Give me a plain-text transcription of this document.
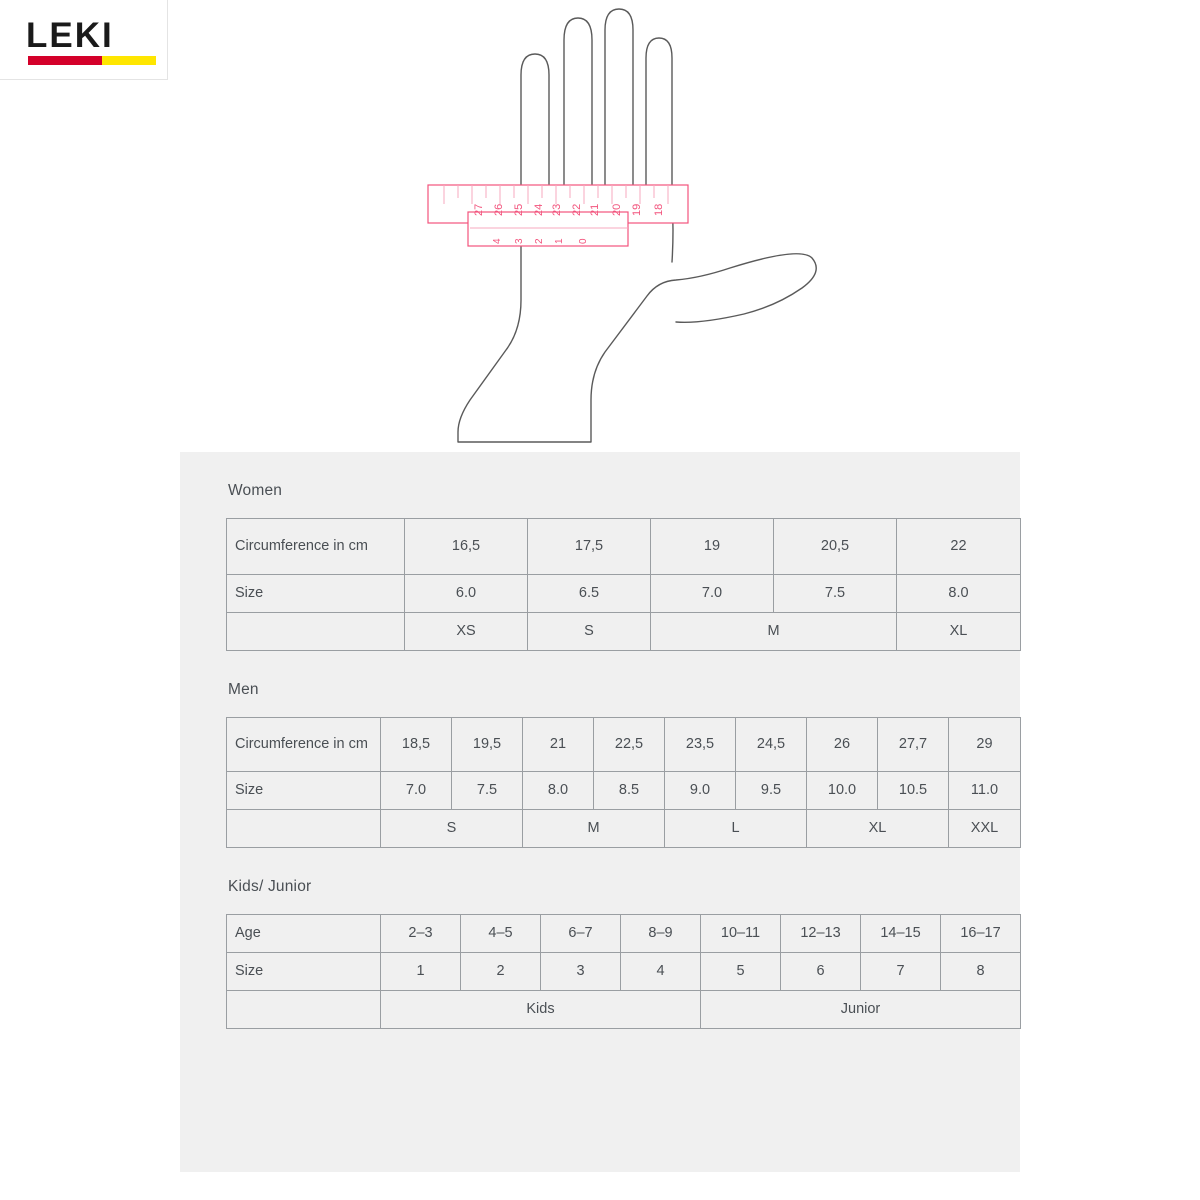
LEKI
27 26 25 24 23 22 21 20 19 18
4 3 2 1 0
Women
Circumference in cm	16,5	17,5	19	20,5	22
Size	6.0	6.5	7.0	7.5	8.0
	XS	S	M		XL
Men
Circumference in cm	18,5	19,5	21	22,5	23,5	24,5	26	27,7	29
Size	7.0	7.5	8.0	8.5	9.0	9.5	10.0	10.5	11.0
	S		M		L		XL		XXL
Kids/ Junior
Age	2–3	4–5	6–7	8–9	10–11	12–13	14–15	16–17
Size	1	2	3	4	5	6	7	8
	Kids				Junior			
